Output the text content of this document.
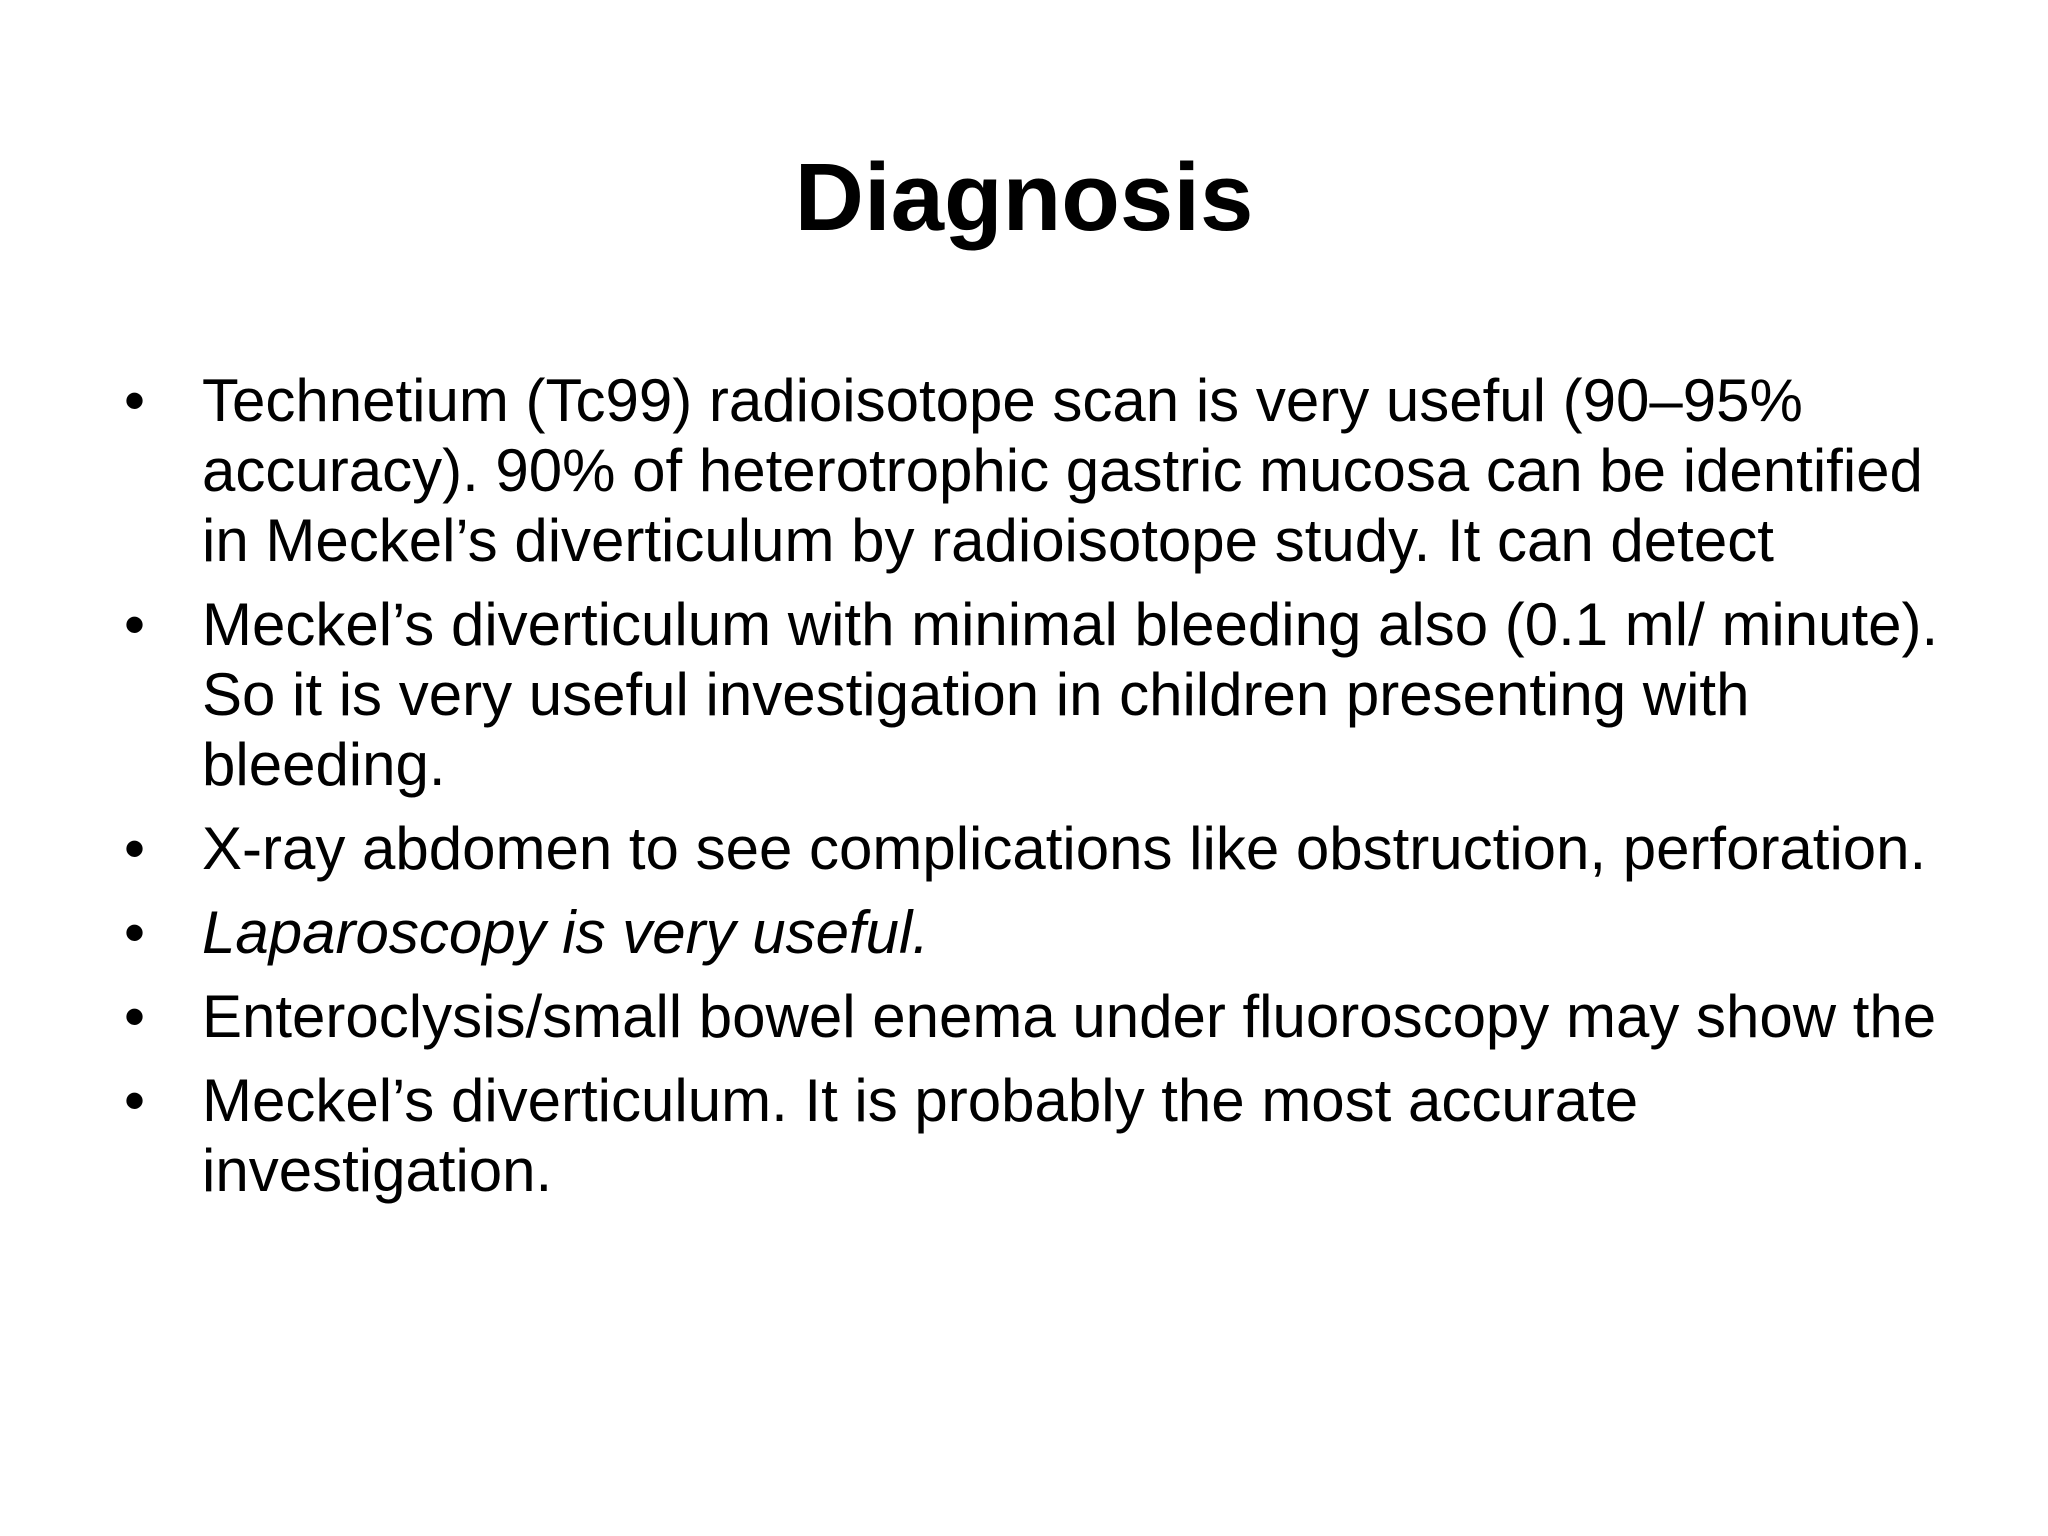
Diagnosis
• Technetium (Tc99) radioisotope scan is very useful (90–95% accuracy). 90% of heterotrophic gastric mucosa can be identified in Meckel’s diverticulum by radioisotope study. It can detect
• Meckel’s diverticulum with minimal bleeding also (0.1 ml/ minute). So it is very useful investigation in children presenting with bleeding.
• X-ray abdomen to see complications like obstruction, perforation.
• Laparoscopy is very useful.
• Enteroclysis/small bowel enema under fluoroscopy may show the
• Meckel’s diverticulum. It is probably the most accurate investigation.
